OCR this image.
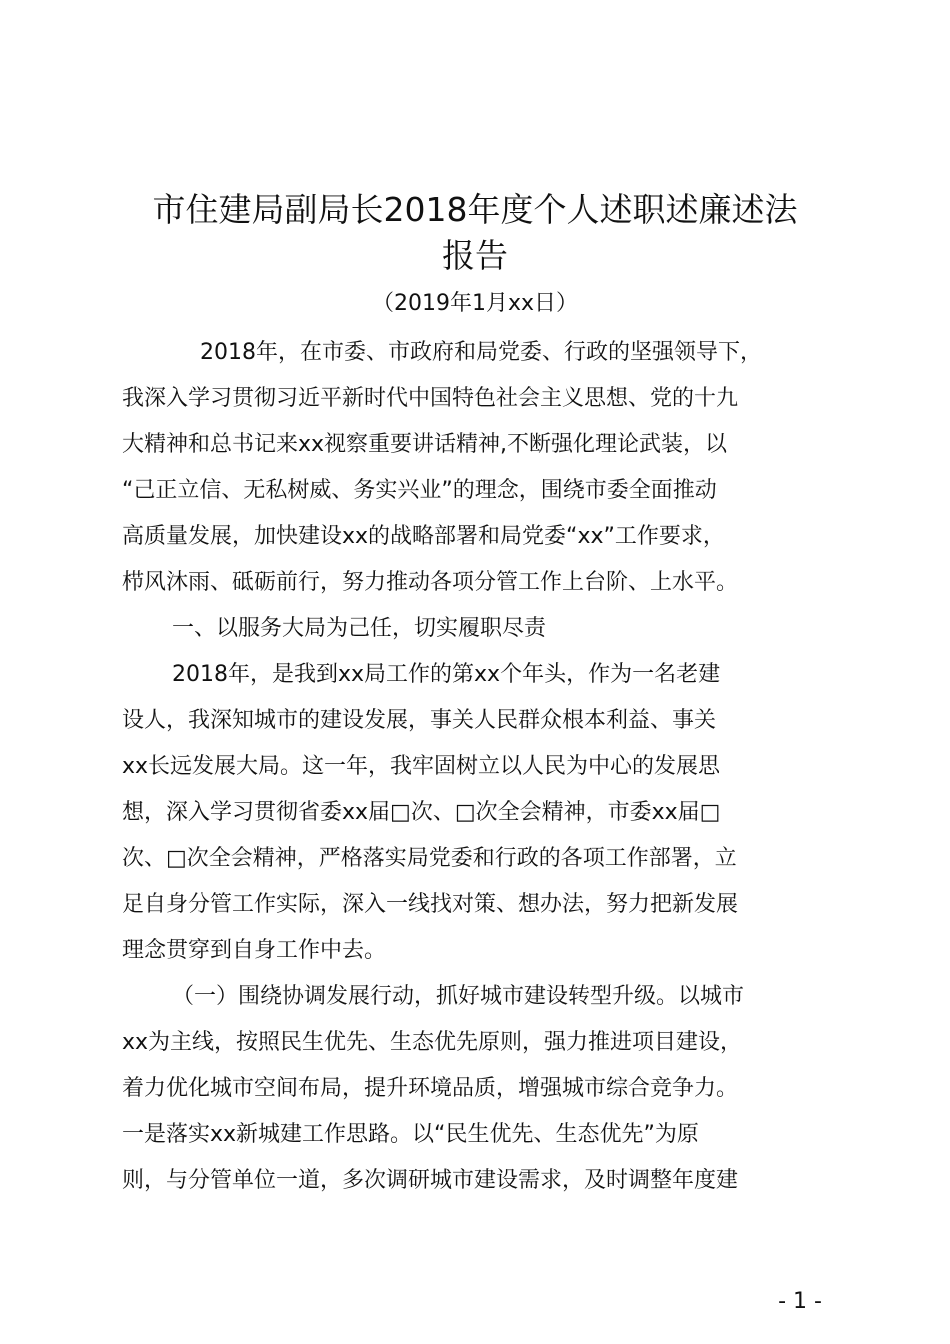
市住建局副局长2018年度个人述职述廉述法
报告
（2019年1月xx日）
2018年，在市委、市政府和局党委、行政的坚强领导下，
我深入学习贯彻习近平新时代中国特色社会主义思想、党的十九
大精神和总书记来xx视察重要讲话精神,不断强化理论武装，以
“己正立信、无私树威、务实兴业”的理念，围绕市委全面推动
高质量发展，加快建设xx的战略部署和局党委“xx”工作要求，
栉风沐雨、砥砺前行，努力推动各项分管工作上台阶、上水平。
一、以服务大局为己任，切实履职尽责
2018年，是我到xx局工作的第xx个年头，作为一名老建
设人，我深知城市的建设发展，事关人民群众根本利益、事关
xx长远发展大局。这一年，我牢固树立以人民为中心的发展思
想，深入学习贯彻省委xx届□次、□次全会精神，市委xx届□
次、□次全会精神，严格落实局党委和行政的各项工作部署，立
足自身分管工作实际，深入一线找对策、想办法，努力把新发展
理念贯穿到自身工作中去。
（一）围绕协调发展行动，抓好城市建设转型升级。以城市
xx为主线，按照民生优先、生态优先原则，强力推进项目建设，
着力优化城市空间布局，提升环境品质，增强城市综合竞争力。
一是落实xx新城建工作思路。以“民生优先、生态优先”为原
则，与分管单位一道，多次调研城市建设需求，及时调整年度建
- 1 -
